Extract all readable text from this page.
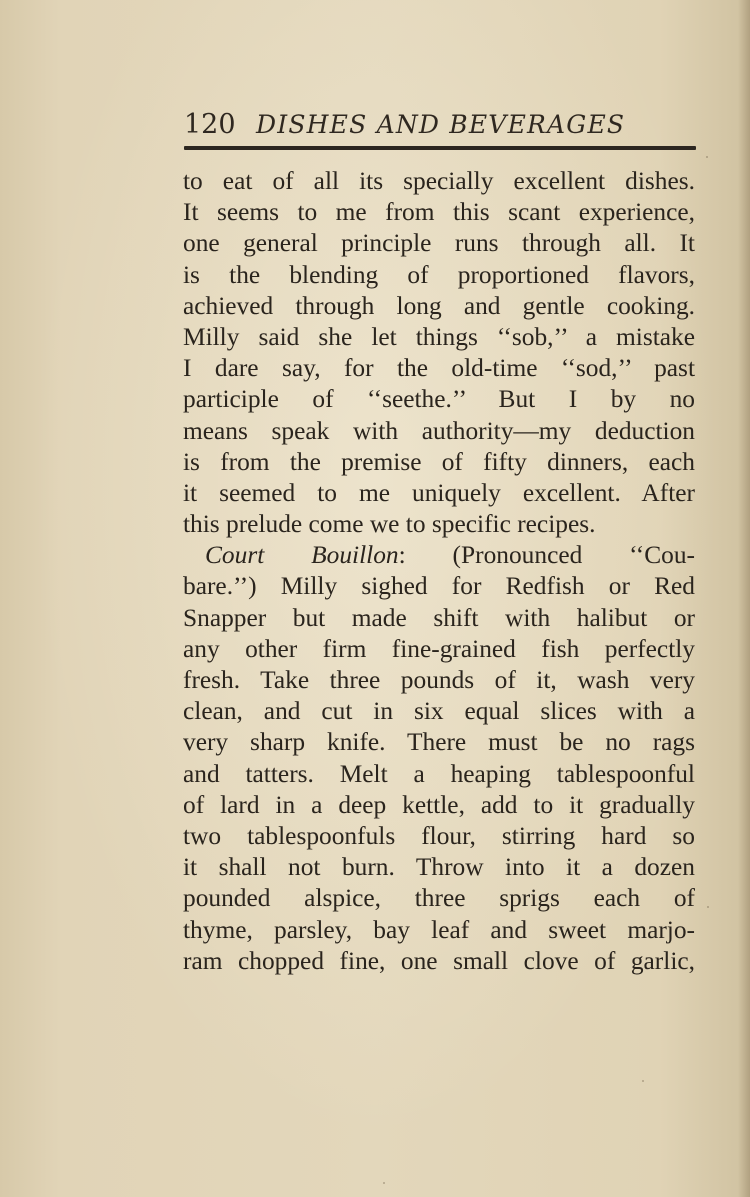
120 DISHES AND BEVERAGES
to eat of all its specially excellent dishes.
It seems to me from this scant experience,
one general principle runs through all. It
is the blending of proportioned flavors,
achieved through long and gentle cooking.
Milly said she let things ‘‘sob,’’ a mistake
I dare say, for the old-time ‘‘sod,’’ past
participle of ‘‘seethe.’’ But I by no
means speak with authority—my deduction
is from the premise of fifty dinners, each
it seemed to me uniquely excellent. After
this prelude come we to specific recipes.
Court Bouillon: (Pronounced ‘‘Cou-
bare.’’) Milly sighed for Redfish or Red
Snapper but made shift with halibut or
any other firm fine-grained fish perfectly
fresh. Take three pounds of it, wash very
clean, and cut in six equal slices with a
very sharp knife. There must be no rags
and tatters. Melt a heaping tablespoonful
of lard in a deep kettle, add to it gradually
two tablespoonfuls flour, stirring hard so
it shall not burn. Throw into it a dozen
pounded alspice, three sprigs each of
thyme, parsley, bay leaf and sweet marjo-
ram chopped fine, one small clove of garlic,
